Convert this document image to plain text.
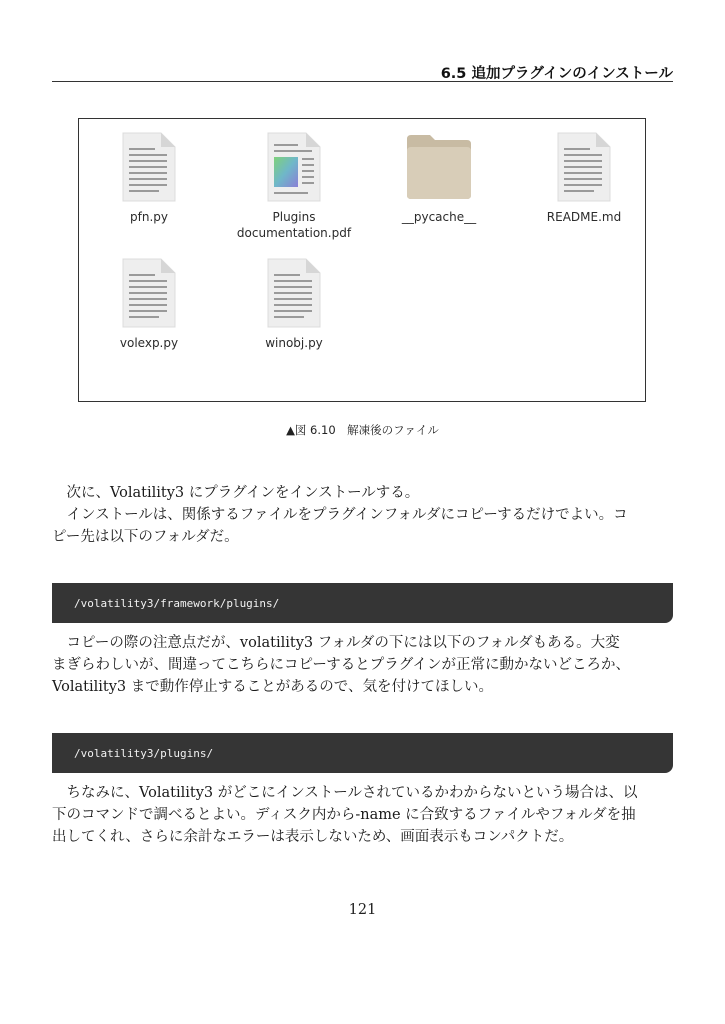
6.5 追加プラグインのインストール
pfn.py	Plugins
documentation.pdf
__pycache__	README.md
volexp.py	winobj.py
▲図 6.10　解凍後のファイル

　次に、Volatility3 にプラグインをインストールする。
　インストールは、関係するファイルをプラグインフォルダにコピーするだけでよい。コ
ピー先は以下のフォルダだ。

/volatility3/framework/plugins/

　コピーの際の注意点だが、volatility3 フォルダの下には以下のフォルダもある。大変
まぎらわしいが、間違ってこちらにコピーするとプラグインが正常に動かないどころか、
Volatility3 まで動作停止することがあるので、気を付けてほしい。

/volatility3/plugins/

　ちなみに、Volatility3 がどこにインストールされているかわからないという場合は、以
下のコマンドで調べるとよい。ディスク内から-name に合致するファイルやフォルダを抽
出してくれ、さらに余計なエラーは表示しないため、画面表示もコンパクトだ。

121
